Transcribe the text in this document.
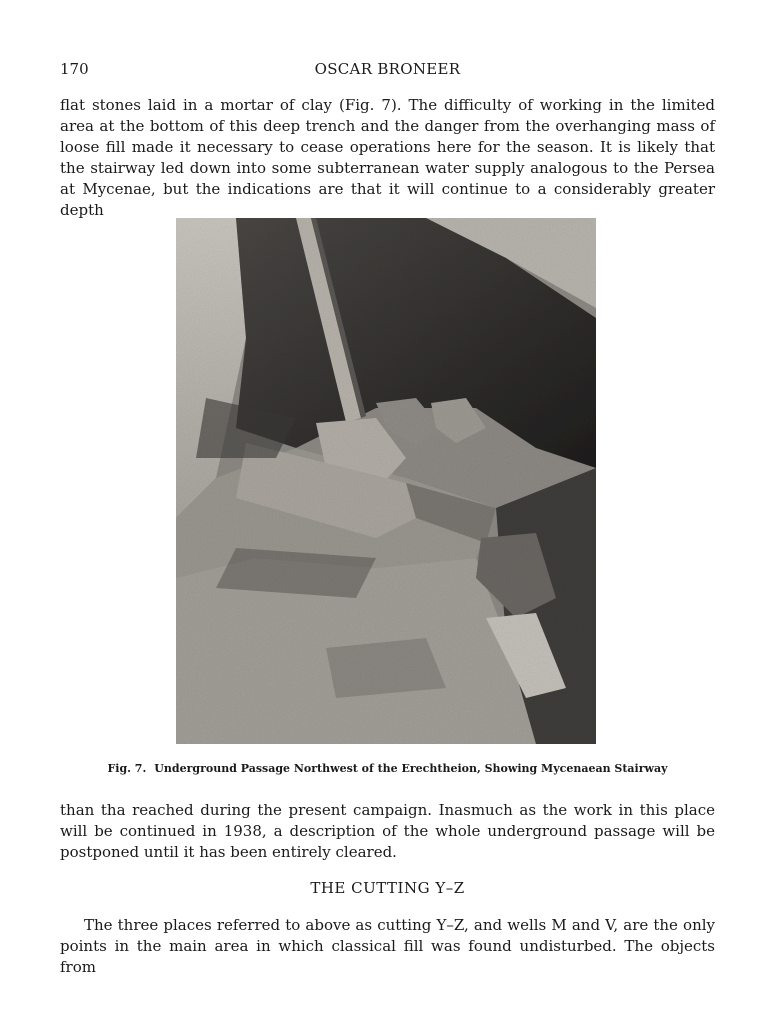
170	OSCAR BRONEER

flat stones laid in a mortar of clay (Fig. 7). The difficulty of working in the limited area at the bottom of this deep trench and the danger from the overhanging mass of loose fill made it necessary to cease operations here for the season. It is likely that the stairway led down into some subterranean water supply analogous to the Persea at Mycenae, but the indications are that it will continue to a considerably greater depth

Fig. 7. Underground Passage Northwest of the Erechtheion, Showing Mycenaean Stairway

than tha reached during the present campaign. Inasmuch as the work in this place will be continued in 1938, a description of the whole underground passage will be postponed until it has been entirely cleared.

THE CUTTING Y–Z

The three places referred to above as cutting Y–Z, and wells M and V, are the only points in the main area in which classical fill was found undisturbed. The objects from
